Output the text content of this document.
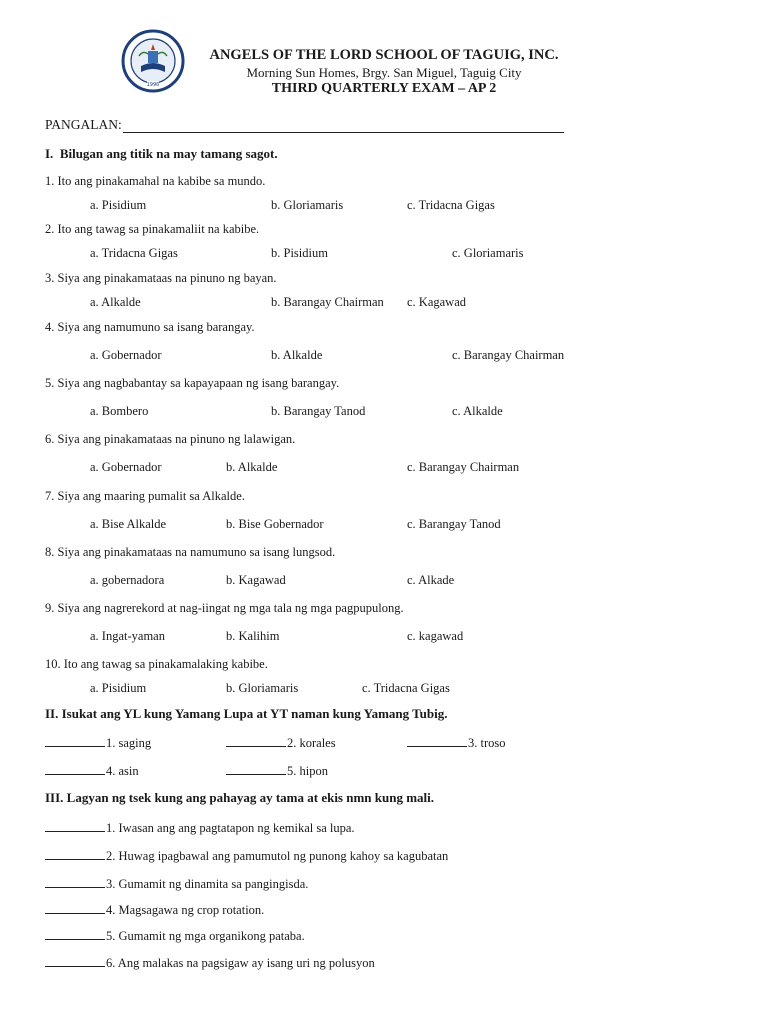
1996
ANGELS OF THE LORD SCHOOL OF TAGUIG, INC.
Morning Sun Homes, Brgy. San Miguel, Taguig City
THIRD QUARTERLY EXAM – AP 2
PANGALAN:
I. Bilugan ang titik na may tamang sagot.
1. Ito ang pinakamahal na kabibe sa mundo.
a. Pisidium	b. Gloriamaris	c. Tridacna Gigas
2. Ito ang tawag sa pinakamaliit na kabibe.
a. Tridacna Gigas	b. Pisidium	c. Gloriamaris
3. Siya ang pinakamataas na pinuno ng bayan.
a. Alkalde	b. Barangay Chairman c. Kagawad
4. Siya ang namumuno sa isang barangay.
a. Gobernador	b. Alkalde	c. Barangay Chairman
5. Siya ang nagbabantay sa kapayapaan ng isang barangay.
a. Bombero	b. Barangay Tanod	c. Alkalde
6. Siya ang pinakamataas na pinuno ng lalawigan.
a. Gobernador	b. Alkalde	c. Barangay Chairman
7. Siya ang maaring pumalit sa Alkalde.
a. Bise Alkalde	b. Bise Gobernador	c. Barangay Tanod
8. Siya ang pinakamataas na namumuno sa isang lungsod.
a. gobernadora	b. Kagawad	c. Alkade
9. Siya ang nagrerekord at nag-iingat ng mga tala ng mga pagpupulong.
a. Ingat-yaman	b. Kalihim	c. kagawad
10. Ito ang tawag sa pinakamalaking kabibe.
a. Pisidium	b. Gloriamaris	c. Tridacna Gigas
II. Isukat ang YL kung Yamang Lupa at YT naman kung Yamang Tubig.
1. saging	2. korales	3. troso
4. asin	5. hipon
III. Lagyan ng tsek kung ang pahayag ay tama at ekis nmn kung mali.
1. Iwasan ang ang pagtatapon ng kemikal sa lupa.
2. Huwag ipagbawal ang pamumutol ng punong kahoy sa kagubatan
3. Gumamit ng dinamita sa pangingisda.
4. Magsagawa ng crop rotation.
5. Gumamit ng mga organikong pataba.
6. Ang malakas na pagsigaw ay isang uri ng polusyon
